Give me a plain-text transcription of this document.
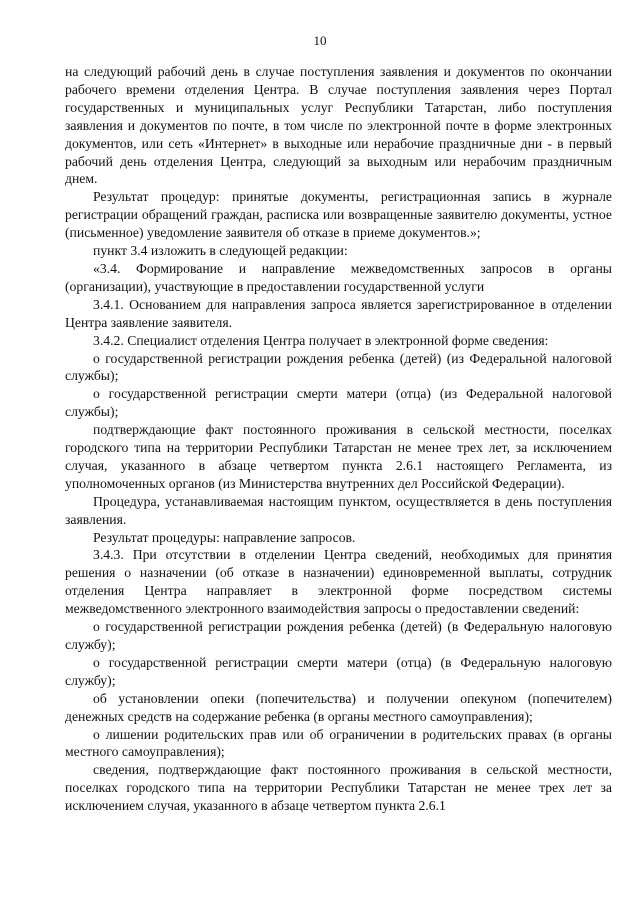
10

на следующий рабочий день в случае поступления заявления и документов по окончании рабочего времени отделения Центра. В случае поступления заявления через Портал государственных и муниципальных услуг Республики Татарстан, либо поступления заявления и документов по почте, в том числе по электронной почте в форме электронных документов, или сеть «Интернет» в выходные или нерабочие праздничные дни - в первый рабочий день отделения Центра, следующий за выходным или нерабочим праздничным днем.

Результат процедур: принятые документы, регистрационная запись в журнале регистрации обращений граждан, расписка или возвращенные заявителю документы, устное (письменное) уведомление заявителя об отказе в приеме документов.»;

пункт 3.4 изложить в следующей редакции:

«3.4. Формирование и направление межведомственных запросов в органы (организации), участвующие в предоставлении государственной услуги

3.4.1. Основанием для направления запроса является зарегистрированное в отделении Центра заявление заявителя.

3.4.2. Специалист отделения Центра получает в электронной форме сведения:

о государственной регистрации рождения ребенка (детей) (из Федеральной налоговой службы);

о государственной регистрации смерти матери (отца) (из Федеральной налоговой службы);

подтверждающие факт постоянного проживания в сельской местности, поселках городского типа на территории Республики Татарстан не менее трех лет, за исключением случая, указанного в абзаце четвертом пункта 2.6.1 настоящего Регламента, из уполномоченных органов (из Министерства внутренних дел Российской Федерации).

Процедура, устанавливаемая настоящим пунктом, осуществляется в день поступления заявления.

Результат процедуры: направление запросов.

3.4.3. При отсутствии в отделении Центра сведений, необходимых для принятия решения о назначении (об отказе в назначении) единовременной выплаты, сотрудник отделения Центра направляет в электронной форме посредством системы межведомственного электронного взаимодействия запросы о предоставлении сведений:

о государственной регистрации рождения ребенка (детей) (в Федеральную налоговую службу);

о государственной регистрации смерти матери (отца) (в Федеральную налоговую службу);

об установлении опеки (попечительства) и получении опекуном (попечителем) денежных средств на содержание ребенка (в органы местного самоуправления);

о лишении родительских прав или об ограничении в родительских правах (в органы местного самоуправления);

сведения, подтверждающие факт постоянного проживания в сельской местности, поселках городского типа на территории Республики Татарстан не менее трех лет за исключением случая, указанного в абзаце четвертом пункта 2.6.1
